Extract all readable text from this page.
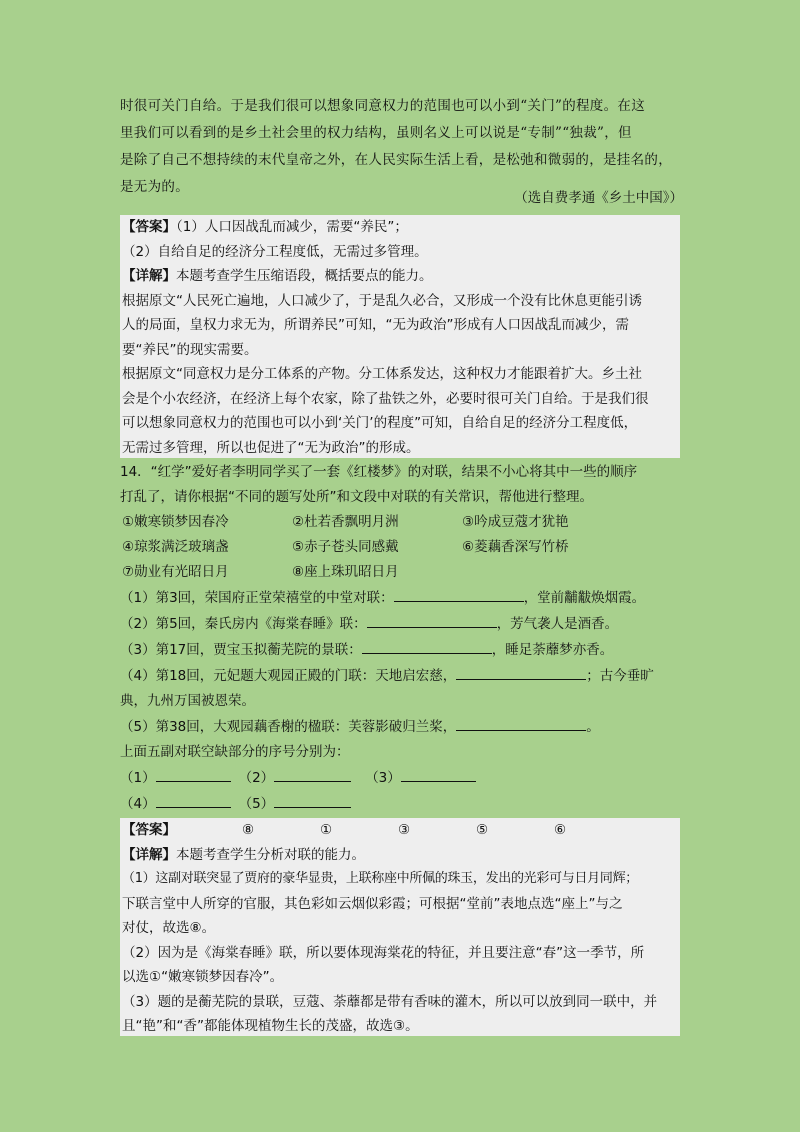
时很可关门自给。于是我们很可以想象同意权力的范围也可以小到“关门”的程度。在这

里我们可以看到的是乡土社会里的权力结构，虽则名义上可以说是“专制”“独裁”，但

是除了自己不想持续的末代皇帝之外，在人民实际生活上看，是松弛和微弱的，是挂名的，

是无为的。

（选自费孝通《乡土中国》）

【答案】（1）人口因战乱而减少，需要“养民”；

（2）自给自足的经济分工程度低，无需过多管理。

【详解】本题考查学生压缩语段，概括要点的能力。

根据原文“人民死亡遍地，人口减少了，于是乱久必合，又形成一个没有比休息更能引诱

人的局面，皇权力求无为，所谓养民”可知，“无为政治”形成有人口因战乱而减少，需

要“养民”的现实需要。

根据原文“同意权力是分工体系的产物。分工体系发达，这种权力才能跟着扩大。乡土社

会是个小农经济，在经济上每个农家，除了盐铁之外，必要时很可关门自给。于是我们很

可以想象同意权力的范围也可以小到‘关门’的程度”可知，自给自足的经济分工程度低，

无需过多管理，所以也促进了“无为政治”的形成。

14．“红学”爱好者李明同学买了一套《红楼梦》的对联，结果不小心将其中一些的顺序

打乱了，请你根据“不同的题写处所”和文段中对联的有关常识，帮他进行整理。

①嫩寒锁梦因春冷	②杜若香飘明月洲	③吟成豆蔻才犹艳
④琼浆满泛玻璃盏	⑤赤子苍头同感戴	⑥菱藕香深写竹桥
⑦勋业有光昭日月	⑧座上珠玑昭日月

（1）第3回，荣国府正堂荣禧堂的中堂对联：	，堂前黼黻焕烟霞。

（2）第5回，秦氏房内《海棠春睡》联：	，芳气袭人是酒香。

（3）第17回，贾宝玉拟蘅芜院的景联：	，睡足荼蘼梦亦香。

（4）第18回，元妃题大观园正殿的门联：天地启宏慈，	；古今垂旷

典，九州万国被恩荣。

（5）第38回，大观园藕香榭的楹联：芙蓉影破归兰桨，	。

上面五副对联空缺部分的序号分别为：

（1）	（2）	（3）

（4）	（5）

【答案】	⑧	①	③	⑤	⑥

【详解】本题考查学生分析对联的能力。

（1）这副对联突显了贾府的豪华显贵，上联称座中所佩的珠玉，发出的光彩可与日月同辉；

下联言堂中人所穿的官服，其色彩如云烟似彩霞；可根据“堂前”表地点选“座上”与之

对仗，故选⑧。

（2）因为是《海棠春睡》联，所以要体现海棠花的特征，并且要注意“春”这一季节，所

以选①“嫩寒锁梦因春冷”。

（3）题的是蘅芜院的景联，豆蔻、荼蘼都是带有香味的灌木，所以可以放到同一联中，并

且“艳”和“香”都能体现植物生长的茂盛，故选③。
